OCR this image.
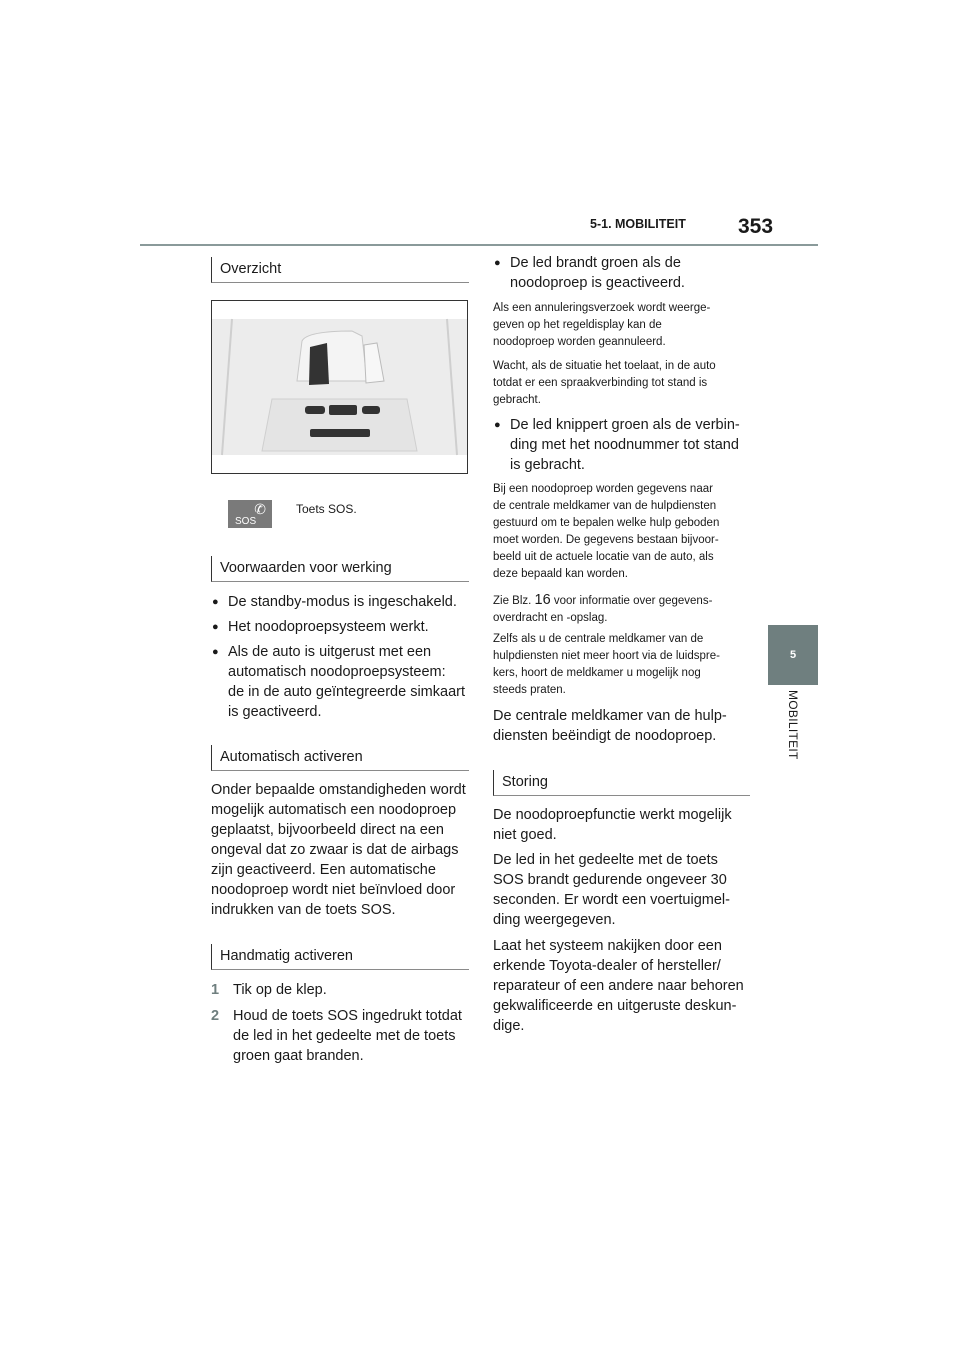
5-1. MOBILITEIT 353
5
MOBILITEIT
Overzicht
✆
SOS
Toets SOS.
Voorwaarden voor werking
● De standby-modus is ingeschakeld.
● Het noodoproepsysteem werkt.
● Als de auto is uitgerust met een
automatisch noodoproepsysteem:
de in de auto geïntegreerde simkaart
is geactiveerd.
Automatisch activeren
Onder bepaalde omstandigheden wordt
mogelijk automatisch een noodoproep
geplaatst, bijvoorbeeld direct na een
ongeval dat zo zwaar is dat de airbags
zijn geactiveerd. Een automatische
noodoproep wordt niet beïnvloed door
indrukken van de toets SOS.
Handmatig activeren
1 Tik op de klep.
2 Houd de toets SOS ingedrukt totdat
de led in het gedeelte met de toets
groen gaat branden.
● De led brandt groen als de
noodoproep is geactiveerd.
Als een annuleringsverzoek wordt weerge-
geven op het regeldisplay kan de
noodoproep worden geannuleerd.
Wacht, als de situatie het toelaat, in de auto
totdat er een spraakverbinding tot stand is
gebracht.
● De led knippert groen als de verbin-
ding met het noodnummer tot stand
is gebracht.
Bij een noodoproep worden gegevens naar
de centrale meldkamer van de hulpdiensten
gestuurd om te bepalen welke hulp geboden
moet worden. De gegevens bestaan bijvoor-
beeld uit de actuele locatie van de auto, als
deze bepaald kan worden.
Zie Blz. 16 voor informatie over gegevens-
overdracht en -opslag.
Zelfs als u de centrale meldkamer van de
hulpdiensten niet meer hoort via de luidspre-
kers, hoort de meldkamer u mogelijk nog
steeds praten.
De centrale meldkamer van de hulp-
diensten beëindigt de noodoproep.
Storing
De noodoproepfunctie werkt mogelijk
niet goed.
De led in het gedeelte met de toets
SOS brandt gedurende ongeveer 30
seconden. Er wordt een voertuigmel-
ding weergegeven.
Laat het systeem nakijken door een
erkende Toyota-dealer of hersteller/
reparateur of een andere naar behoren
gekwalificeerde en uitgeruste deskun-
dige.
